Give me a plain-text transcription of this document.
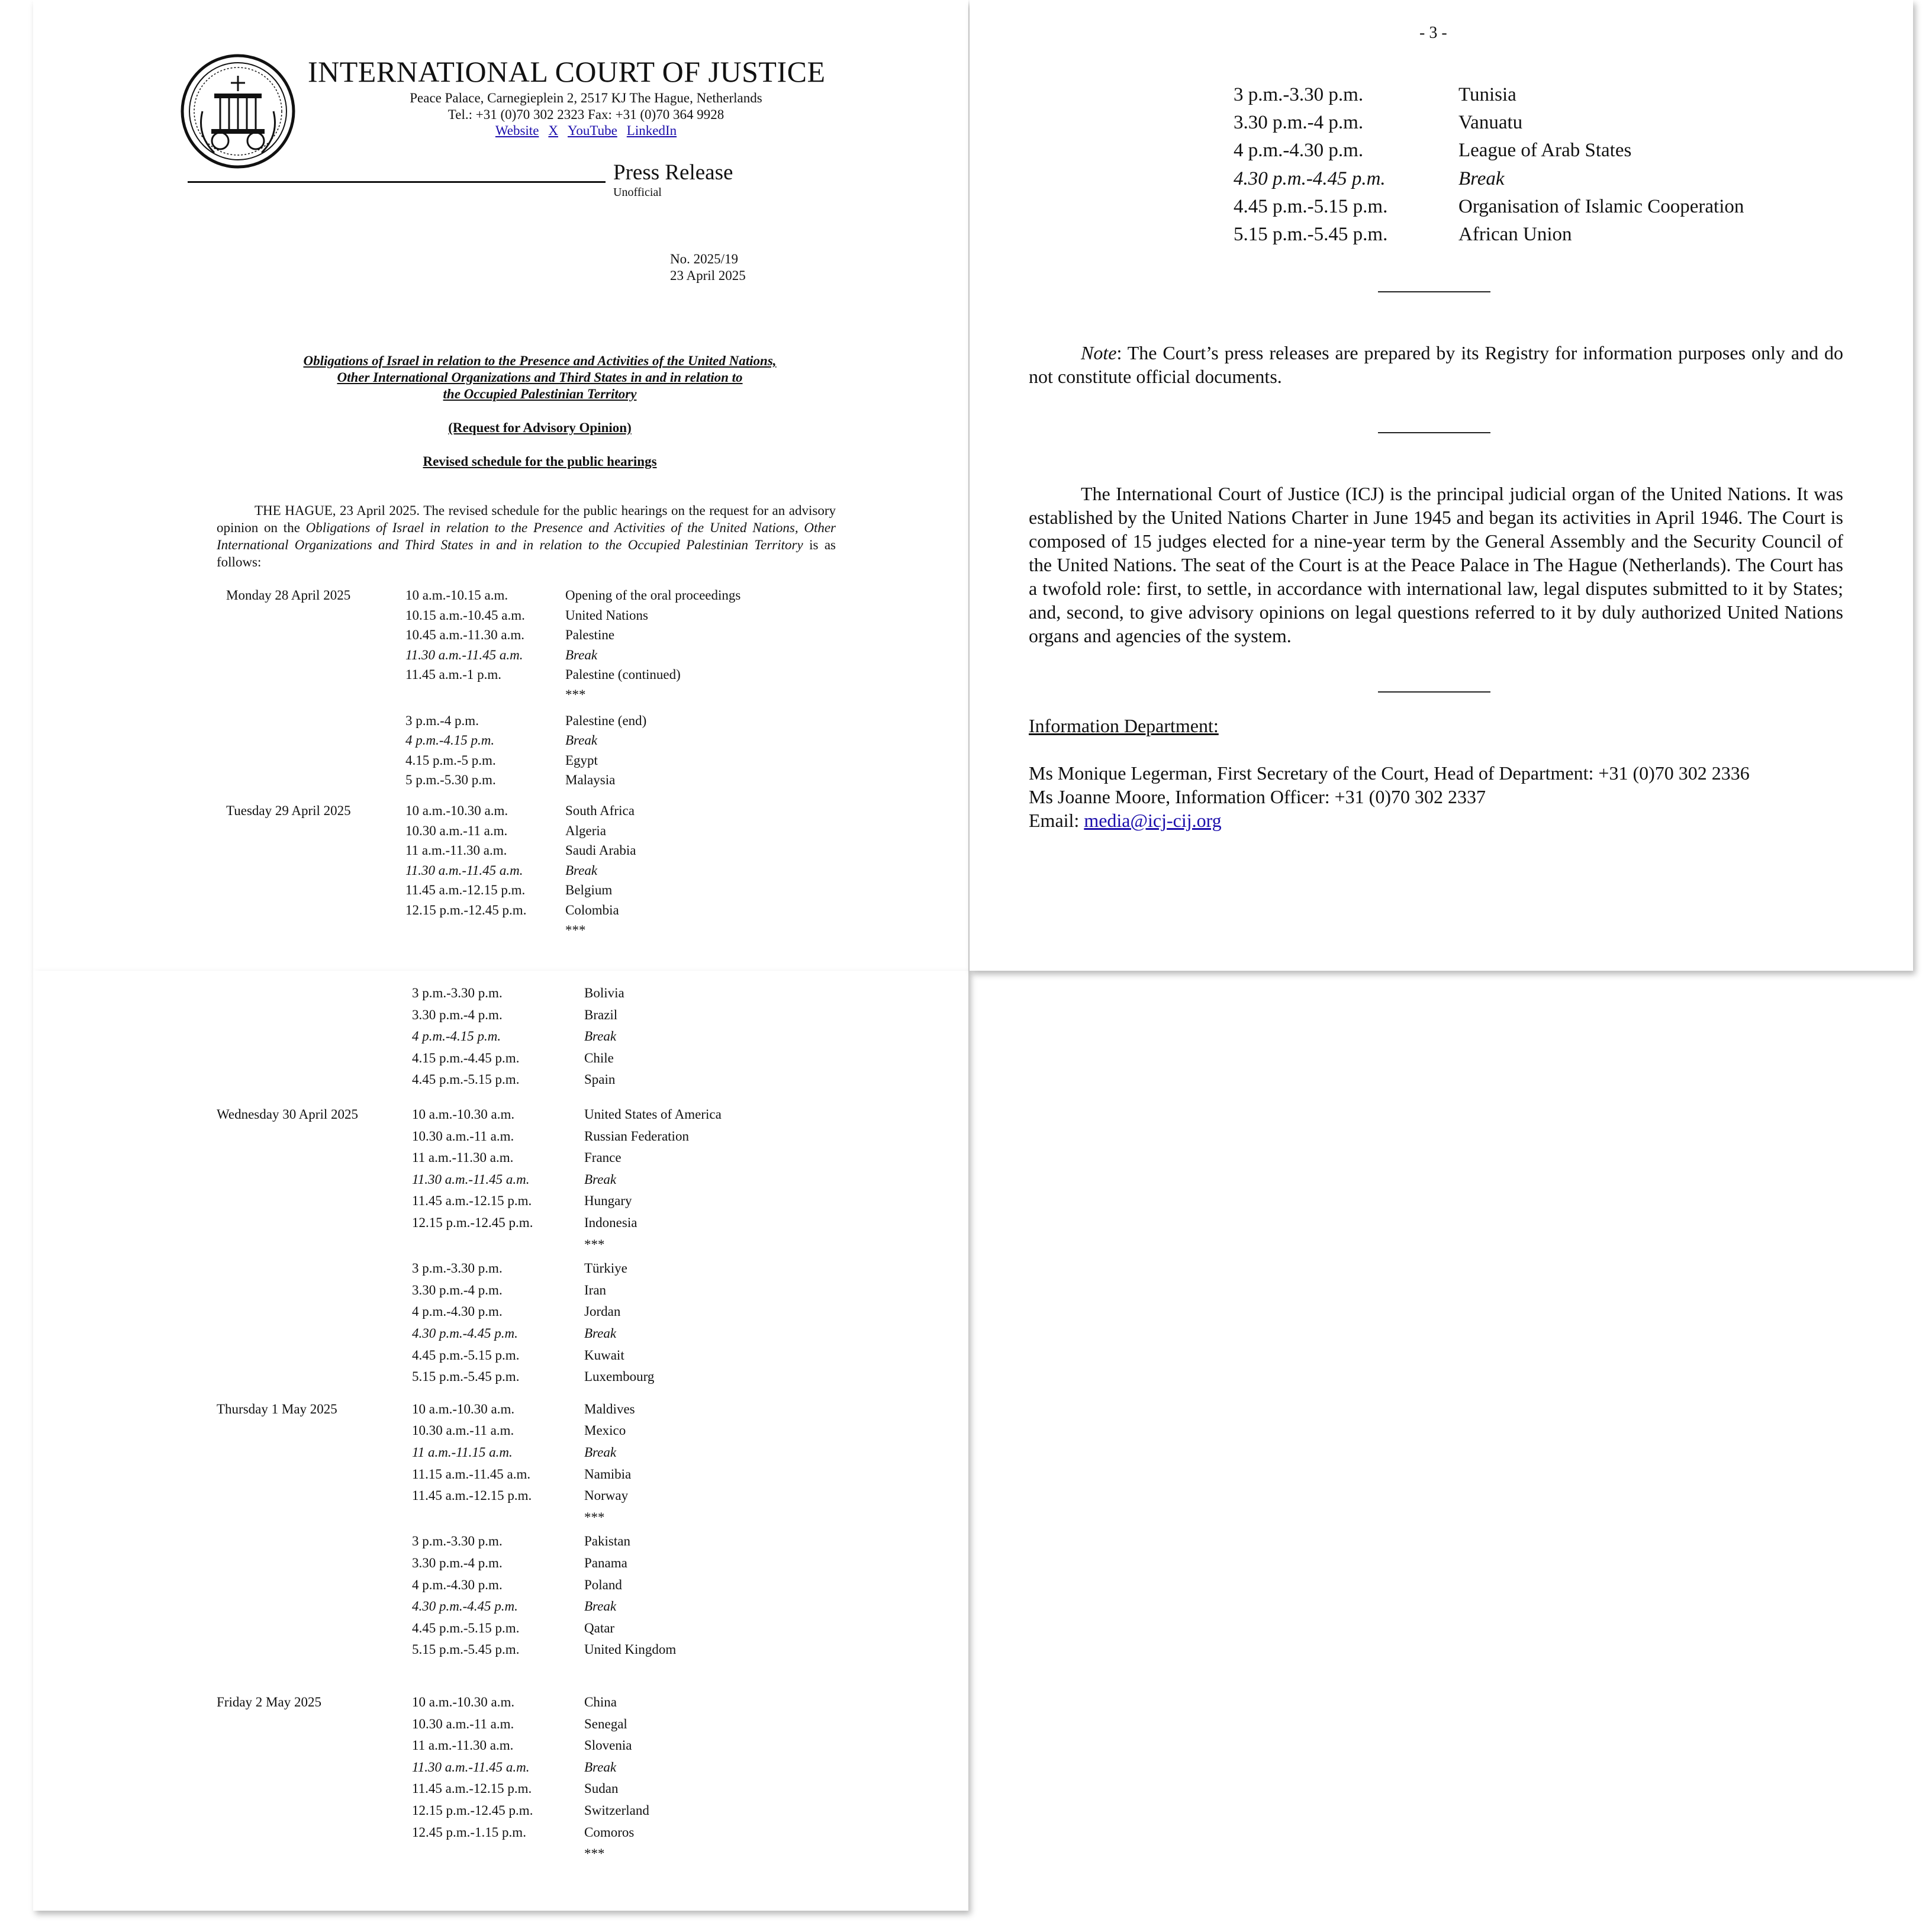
INTERNATIONAL COURT OF JUSTICE
Peace Palace, Carnegieplein 2, 2517 KJ The Hague, Netherlands
Tel.: +31 (0)70 302 2323 Fax: +31 (0)70 364 9928
Website X YouTube LinkedIn
Press Release
Unofficial
No. 2025/19
23 April 2025
Obligations of Israel in relation to the Presence and Activities of the United Nations,
Other International Organizations and Third States in and in relation to
the Occupied Palestinian Territory
(Request for Advisory Opinion)
Revised schedule for the public hearings
THE HAGUE, 23 April 2025. The revised schedule for the public hearings on the request for an advisory opinion on the Obligations of Israel in relation to the Presence and Activities of the United Nations, Other International Organizations and Third States in and in relation to the Occupied Palestinian Territory is as follows:
Monday 28 April 2025	10 a.m.-10.15 a.m.	Opening of the oral proceedings
10.15 a.m.-10.45 a.m.	United Nations
10.45 a.m.-11.30 a.m.	Palestine
11.30 a.m.-11.45 a.m.	Break
11.45 a.m.-1 p.m.	Palestine (continued)
***
3 p.m.-4 p.m.	Palestine (end)
4 p.m.-4.15 p.m.	Break
4.15 p.m.-5 p.m.	Egypt
5 p.m.-5.30 p.m.	Malaysia
Tuesday 29 April 2025	10 a.m.-10.30 a.m.	South Africa
10.30 a.m.-11 a.m.	Algeria
11 a.m.-11.30 a.m.	Saudi Arabia
11.30 a.m.-11.45 a.m.	Break
11.45 a.m.-12.15 p.m.	Belgium
12.15 p.m.-12.45 p.m.	Colombia
***
3 p.m.-3.30 p.m.	Bolivia
3.30 p.m.-4 p.m.	Brazil
4 p.m.-4.15 p.m.	Break
4.15 p.m.-4.45 p.m.	Chile
4.45 p.m.-5.15 p.m.	Spain
Wednesday 30 April 2025	10 a.m.-10.30 a.m.	United States of America
10.30 a.m.-11 a.m.	Russian Federation
11 a.m.-11.30 a.m.	France
11.30 a.m.-11.45 a.m.	Break
11.45 a.m.-12.15 p.m.	Hungary
12.15 p.m.-12.45 p.m.	Indonesia
***
3 p.m.-3.30 p.m.	Türkiye
3.30 p.m.-4 p.m.	Iran
4 p.m.-4.30 p.m.	Jordan
4.30 p.m.-4.45 p.m.	Break
4.45 p.m.-5.15 p.m.	Kuwait
5.15 p.m.-5.45 p.m.	Luxembourg
Thursday 1 May 2025	10 a.m.-10.30 a.m.	Maldives
10.30 a.m.-11 a.m.	Mexico
11 a.m.-11.15 a.m.	Break
11.15 a.m.-11.45 a.m.	Namibia
11.45 a.m.-12.15 p.m.	Norway
***
3 p.m.-3.30 p.m.	Pakistan
3.30 p.m.-4 p.m.	Panama
4 p.m.-4.30 p.m.	Poland
4.30 p.m.-4.45 p.m.	Break
4.45 p.m.-5.15 p.m.	Qatar
5.15 p.m.-5.45 p.m.	United Kingdom
Friday 2 May 2025	10 a.m.-10.30 a.m.	China
10.30 a.m.-11 a.m.	Senegal
11 a.m.-11.30 a.m.	Slovenia
11.30 a.m.-11.45 a.m.	Break
11.45 a.m.-12.15 p.m.	Sudan
12.15 p.m.-12.45 p.m.	Switzerland
12.45 p.m.-1.15 p.m.	Comoros
***
- 3 -
3 p.m.-3.30 p.m.	Tunisia
3.30 p.m.-4 p.m.	Vanuatu
4 p.m.-4.30 p.m.	League of Arab States
4.30 p.m.-4.45 p.m.	Break
4.45 p.m.-5.15 p.m.	Organisation of Islamic Cooperation
5.15 p.m.-5.45 p.m.	African Union
Note: The Court’s press releases are prepared by its Registry for information purposes only and do not constitute official documents.
The International Court of Justice (ICJ) is the principal judicial organ of the United Nations. It was established by the United Nations Charter in June 1945 and began its activities in April 1946. The Court is composed of 15 judges elected for a nine-year term by the General Assembly and the Security Council of the United Nations. The seat of the Court is at the Peace Palace in The Hague (Netherlands). The Court has a twofold role: first, to settle, in accordance with international law, legal disputes submitted to it by States; and, second, to give advisory opinions on legal questions referred to it by duly authorized United Nations organs and agencies of the system.
Information Department:
Ms Monique Legerman, First Secretary of the Court, Head of Department: +31 (0)70 302 2336
Ms Joanne Moore, Information Officer: +31 (0)70 302 2337
Email: media@icj-cij.org
